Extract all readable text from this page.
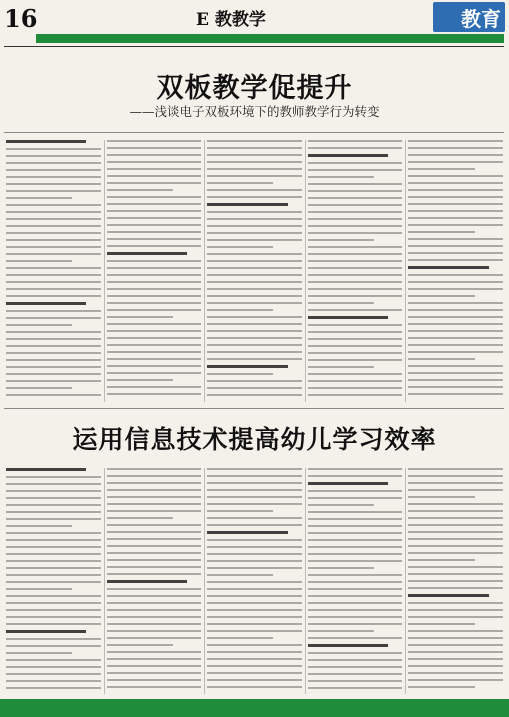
16	E 教教学	教育
双板教学促提升
——浅谈电子双板环境下的教师教学行为转变
运用信息技术提高幼儿学习效率
